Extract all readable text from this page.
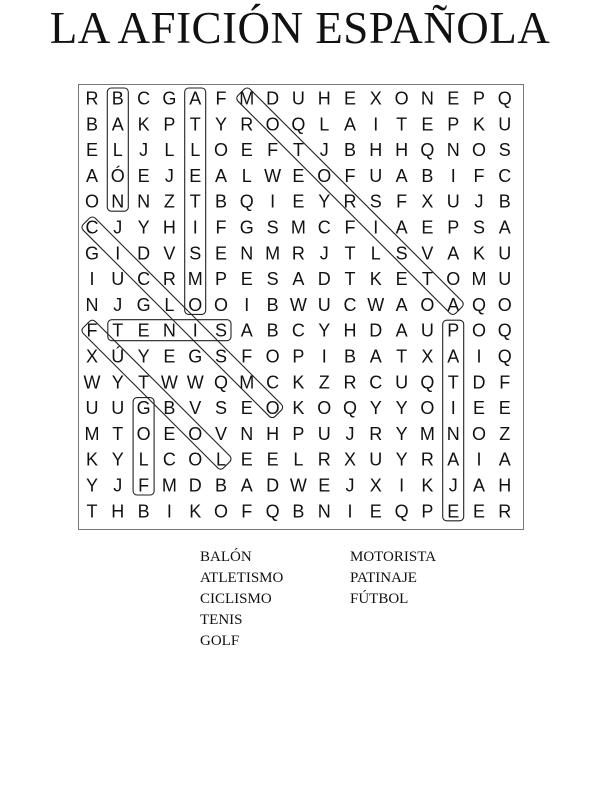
LA AFICIÓN ESPAÑOLA
R B C G A F M D U H E X O N E P Q
B A K P T Y R O Q L A I T E P K U
E L J L L O E F T J B H H Q N O S
A Ó E J E A L W E O F U A B I F C
O N N Z T B Q I E Y R S F X U J B
C J Y H I F G S M C F I A E P S A
G I D V S E N M R J T L S V A K U
I U C R M P E S A D T K E T O M U
N J G L O O I B W U C W A O A Q O
F T E N I S A B C Y H D A U P O Q
X Ú Y E G S F O P I B A T X A I Q
W Y T W W Q M C K Z R C U Q T D F
U U G B V S E O K O Q Y Y O I E E
M T O E O V N H P U J R Y M N O Z
K Y L C O L E E L R X U Y R A I A
Y J F M D B A D W E J X I K J A H
T H B I K O F Q B N I E Q P E E R
BALÓN
ATLETISMO
CICLISMO
TENIS
GOLF
MOTORISTA
PATINAJE
FÚTBOL
